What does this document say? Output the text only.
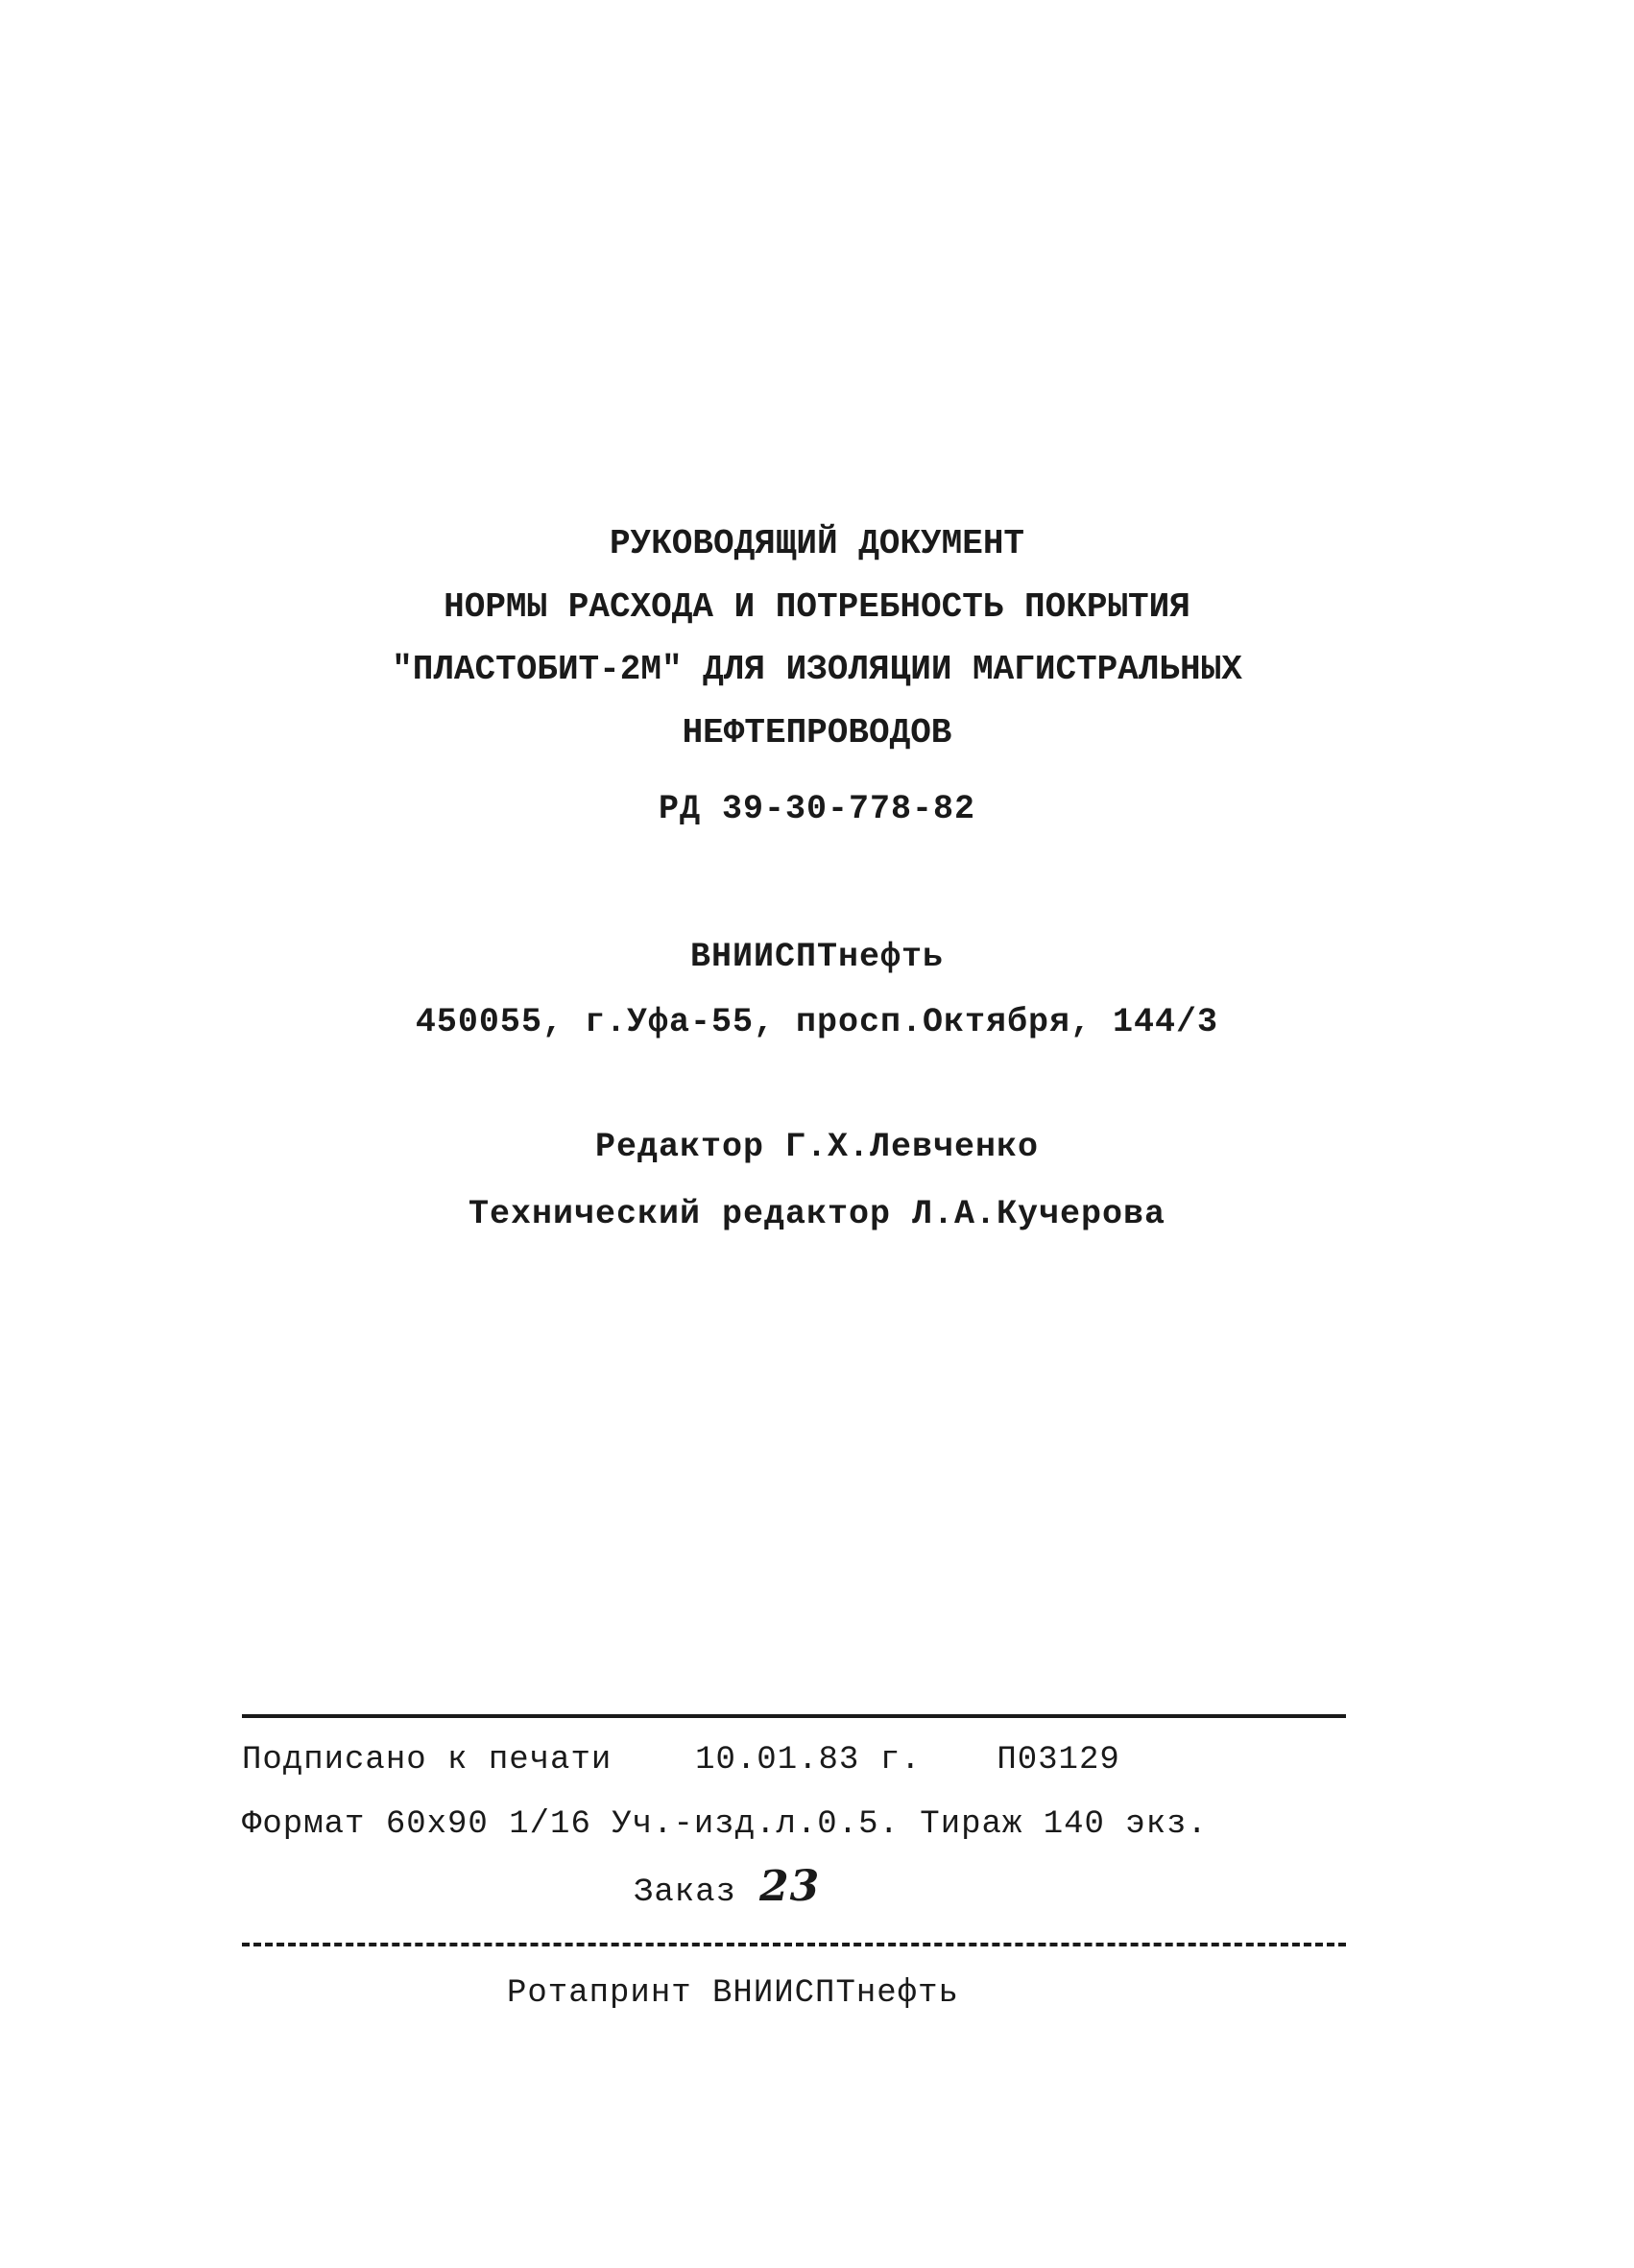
РУКОВОДЯЩИЙ ДОКУМЕНТ
НОРМЫ РАСХОДА И ПОТРЕБНОСТЬ ПОКРЫТИЯ
"ПЛАСТОБИТ-2М" ДЛЯ ИЗОЛЯЦИИ МАГИСТРАЛЬНЫХ
НЕФТЕПРОВОДОВ
РД 39-30-778-82
ВНИИСПТнефть
450055, г.Уфа-55, просп.Октября, 144/3
Редактор Г.Х.Левченко
Технический редактор Л.А.Кучерова
Подписано к печати	10.01.83 г. П03129
Формат 60х90 1/16 Уч.-изд.л.0.5. Тираж 140 экз.
Заказ 23
Ротапринт ВНИИСПТнефть
